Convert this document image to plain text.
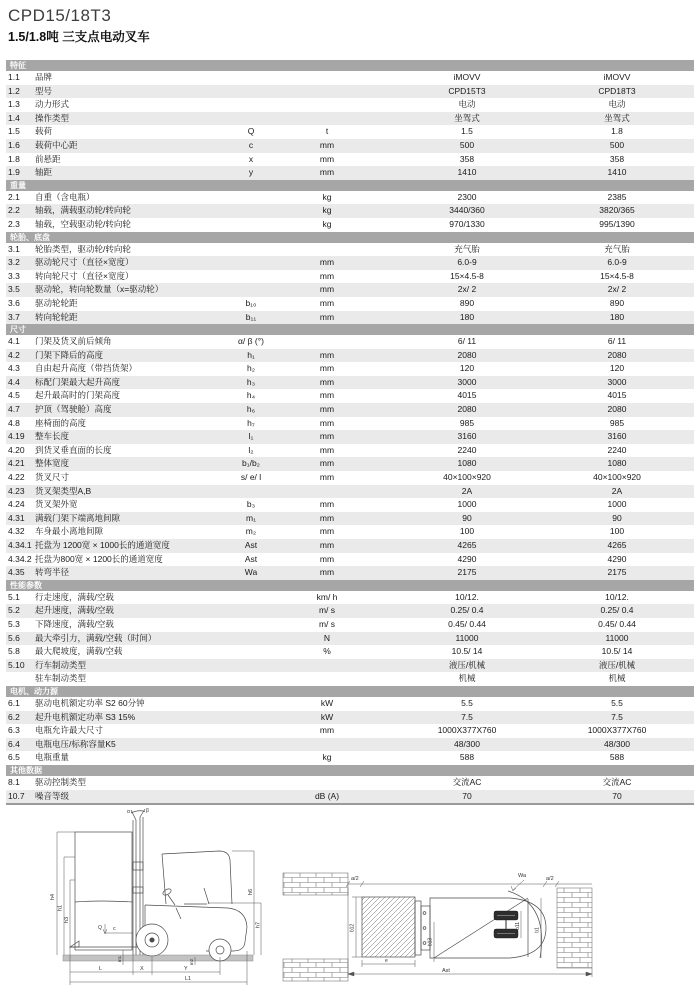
CPD15/18T3
1.5/1.8吨 三支点电动叉车
特征
1.1	品牌	iMOVV	iMOVV
1.2	型号	CPD15T3	CPD18T3
1.3	动力形式	电动	电动
1.4	操作类型	坐驾式	坐驾式
1.5	载荷	Q	t	1.5	1.8
1.6	载荷中心距	c	mm	500	500
1.8	前悬距	x	mm	358	358
1.9	轴距	y	mm	1410	1410
重量
2.1	自重（含电瓶）	kg	2300	2385
2.2	轴载，满载驱动轮/转向轮	kg	3440/360	3820/365
2.3	轴载，空载驱动轮/转向轮	kg	970/1330	995/1390
轮胎、底盘
3.1	轮胎类型，驱动轮/转向轮	充气胎	充气胎
3.2	驱动轮尺寸（直径×宽度）	mm	6.0-9	6.0-9
3.3	转向轮尺寸（直径×宽度）	mm	15×4.5-8	15×4.5-8
3.5	驱动轮，转向轮数量（x=驱动轮）	mm	2x/ 2	2x/ 2
3.6	驱动轮轮距	b₁₀	mm	890	890
3.7	转向轮轮距	b₁₁	mm	180	180
尺寸
4.1	门架及货叉前后倾角	α/ β (°)	6/ 11	6/ 11
4.2	门架下降后的高度	h₁	mm	2080	2080
4.3	自由起升高度（带挡货架）	h₂	mm	120	120
4.4	标配门架最大起升高度	h₃	mm	3000	3000
4.5	起升最高时的门架高度	h₄	mm	4015	4015
4.7	护顶（驾驶舱）高度	h₆	mm	2080	2080
4.8	座椅面的高度	h₇	mm	985	985
4.19	整车长度	l₁	mm	3160	3160
4.20	到货叉垂直面的长度	l₂	mm	2240	2240
4.21	整体宽度	b₁/b₂	mm	1080	1080
4.22	货叉尺寸	s/ e/ l	mm	40×100×920	40×100×920
4.23	货叉架类型A,B	2A	2A
4.24	货叉架外宽	b₃	mm	1000	1000
4.31	满载门架下端离地间隙	m₁	mm	90	90
4.32	车身最小离地间隙	m₂	mm	100	100
4.34.1 托盘为 1200宽 × 1000长的通道宽度	Ast	mm	4265	4265
4.34.2 托盘为800宽 × 1200长的通道宽度	Ast	mm	4290	4290
4.35	转弯半径	Wa	mm	2175	2175
性能参数
5.1	行走速度，满载/空载	km/ h	10/12.	10/12.
5.2	起升速度，满载/空载	m/ s	0.25/ 0.4	0.25/ 0.4
5.3	下降速度，满载/空载	m/ s	0.45/ 0.44	0.45/ 0.44
5.6	最大牵引力，满载/空载（时间）	N	11000	11000
5.8	最大爬坡度，满载/空载	%	10.5/ 14	10.5/ 14
5.10	行车制动类型	液压/机械	液压/机械
驻车制动类型	机械	机械
电机、动力源
6.1	驱动电机额定功率 S2 60分钟	kW	5.5	5.5
6.2	起升电机额定功率 S3 15%	kW	7.5	7.5
6.3	电瓶允许最大尺寸	mm	1000X377X760	1000X377X760
6.4	电瓶电压/标称容量K5	48/300	48/300
6.5	电瓶重量	kg	588	588
其他数据
8.1	驱动控制类型	交流AC	交流AC
10.7	噪音等级	dB (A)	70	70
h4
h1
h3
α	β
Q c
h6
h7
m1	m2
L	X	Y
L1
a/2	Wa	a/2
b12
e
b13
b11
b1
Ast
